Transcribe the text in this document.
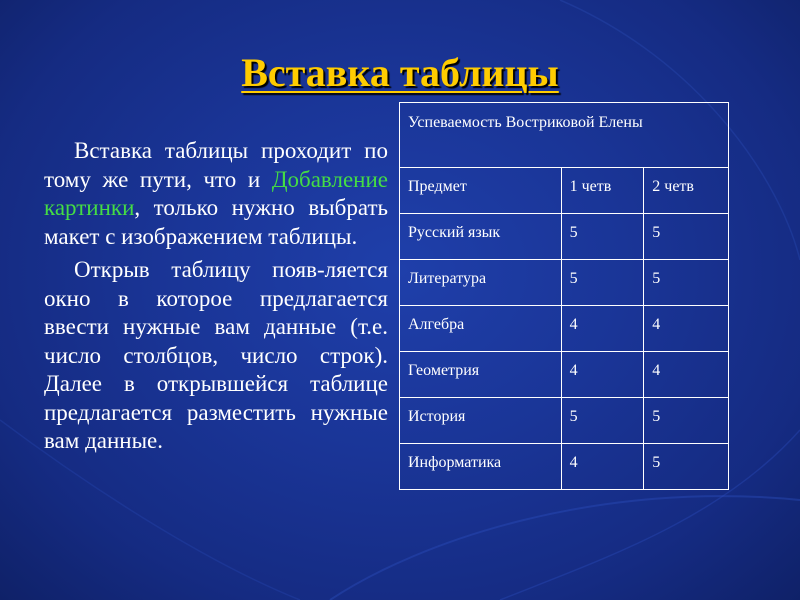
Вставка таблицы

Вставка таблицы проходит по тому же пути, что и Добавление картинки, только нужно выбрать макет с изображением таблицы.

Открыв таблицу появ-ляется окно в которое предлагается ввести нужные вам данные (т.е. число столбцов, число строк). Далее в открывшейся таблице предлагается разместить нужные вам данные.

Успеваемость Востриковой Елены		
Предмет	1 четв	2 четв
Русский язык	5	5
Литература	5	5
Алгебра	4	4
Геометрия	4	4
История	5	5
Информатика	4	5
